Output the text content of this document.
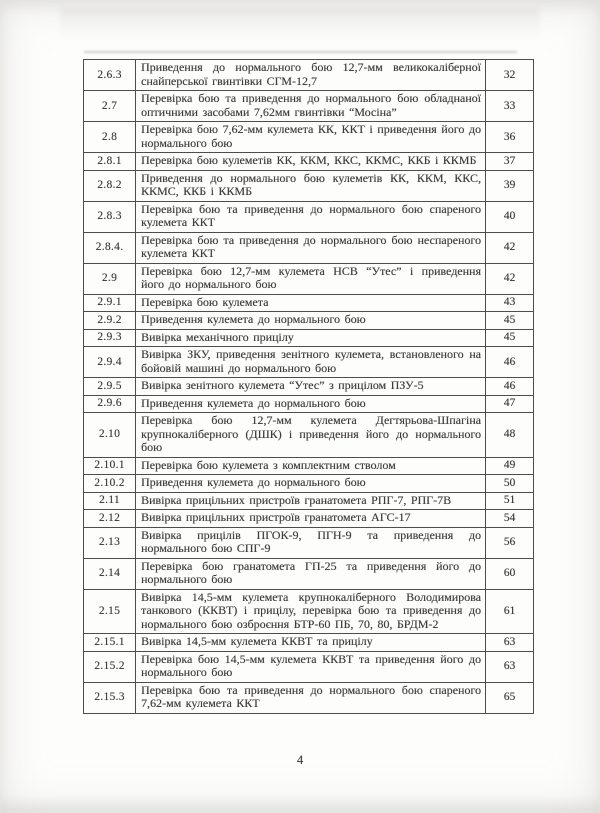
2.6.3	Приведення до нормального бою 12,7-мм великокаліберної снайперської гвинтівки СГМ-12,7	32
2.7	Перевірка бою та приведення до нормального бою обладнаної оптичними засобами 7,62мм гвинтівки “Мосіна”	33
2.8	Перевірка бою 7,62-мм кулемета КК, ККТ і приведення його до нормального бою	36
2.8.1	Перевірка бою кулеметів КК, ККМ, ККС, ККМС, ККБ і ККМБ	37
2.8.2	Приведення до нормального бою кулеметів КК, ККМ, ККС, ККМС, ККБ і ККМБ	39
2.8.3	Перевірка бою та приведення до нормального бою спареного кулемета ККТ	40
2.8.4.	Перевірка бою та приведення до нормального бою неспареного кулемета ККТ	42
2.9	Перевірка бою 12,7-мм кулемета НСВ “Утес” і приведення його до нормального бою	42
2.9.1	Перевірка бою кулемета	43
2.9.2	Приведення кулемета до нормального бою	45
2.9.3	Вивірка механічного прицілу	45
2.9.4	Вивірка ЗКУ, приведення зенітного кулемета, встановленого на бойовій машині до нормального бою	46
2.9.5	Вивірка зенітного кулемета “Утес” з прицілом ПЗУ-5	46
2.9.6	Приведення кулемета до нормального бою	47
2.10	Перевірка бою 12,7-мм кулемета Дегтярьова-Шпагіна крупнокаліберного (ДШК) і приведення його до нормального бою	48
2.10.1	Перевірка бою кулемета з комплектним стволом	49
2.10.2	Приведення кулемета до нормального бою	50
2.11	Вивірка прицільних пристроїв гранатомета РПГ-7, РПГ-7В	51
2.12	Вивірка прицільних пристроїв гранатомета АГС-17	54
2.13	Вивірка прицілів ПГОК-9, ПГН-9 та приведення до нормального бою СПГ-9	56
2.14	Перевірка бою гранатомета ГП-25 та приведення його до нормального бою	60
2.15	Вивірка 14,5-мм кулемета крупнокаліберного Володимирова танкового (ККВТ) і прицілу, перевірка бою та приведення до нормального бою озброєння БТР-60 ПБ, 70, 80, БРДМ-2	61
2.15.1	Вивірка 14,5-мм кулемета ККВТ та прицілу	63
2.15.2	Перевірка бою 14,5-мм кулемета ККВТ та приведення його до нормального бою	63
2.15.3	Перевірка бою та приведення до нормального бою спареного 7,62-мм кулемета ККТ	65
4
